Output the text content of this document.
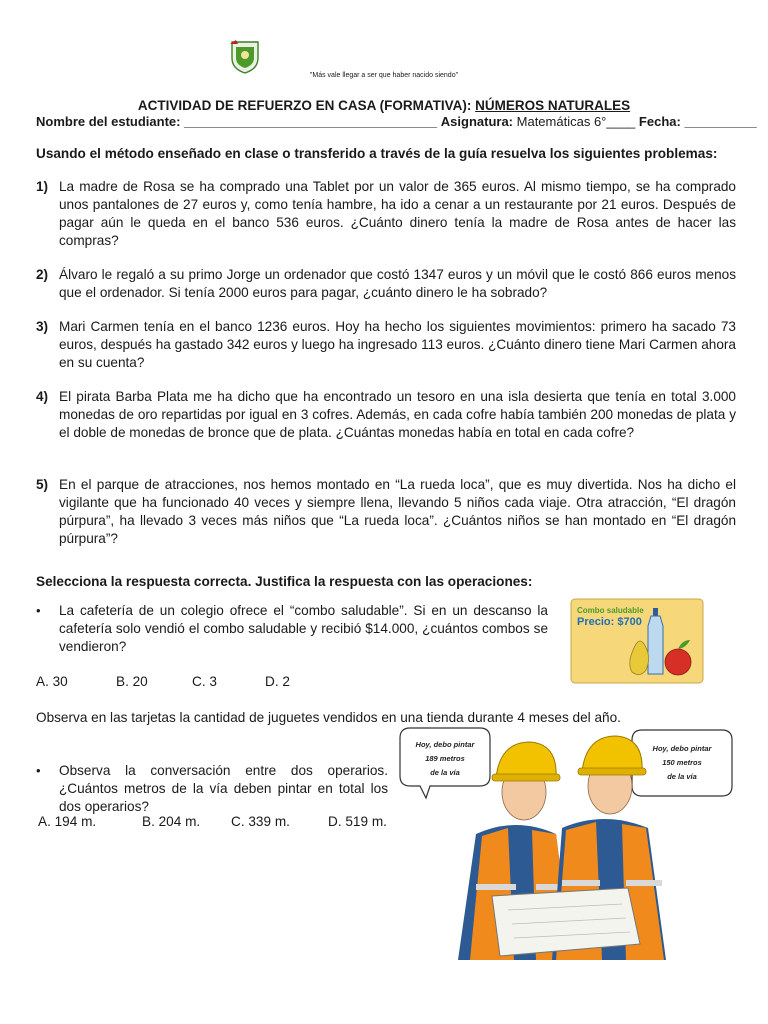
"Más vale llegar a ser que haber nacido siendo"
ACTIVIDAD DE REFUERZO EN CASA (FORMATIVA): NÚMEROS NATURALES
Nombre del estudiante: ___________________________________ Asignatura: Matemáticas 6°____ Fecha: __________
Usando el método enseñado en clase o transferido a través de la guía resuelva los siguientes problemas:
1) La madre de Rosa se ha comprado una Tablet por un valor de 365 euros. Al mismo tiempo, se ha comprado unos pantalones de 27 euros y, como tenía hambre, ha ido a cenar a un restaurante por 21 euros. Después de pagar aún le queda en el banco 536 euros. ¿Cuánto dinero tenía la madre de Rosa antes de hacer las compras?
2) Álvaro le regaló a su primo Jorge un ordenador que costó 1347 euros y un móvil que le costó 866 euros menos que el ordenador. Si tenía 2000 euros para pagar, ¿cuánto dinero le ha sobrado?
3) Mari Carmen tenía en el banco 1236 euros. Hoy ha hecho los siguientes movimientos: primero ha sacado 73 euros, después ha gastado 342 euros y luego ha ingresado 113 euros. ¿Cuánto dinero tiene Mari Carmen ahora en su cuenta?
4) El pirata Barba Plata me ha dicho que ha encontrado un tesoro en una isla desierta que tenía en total 3.000 monedas de oro repartidas por igual en 3 cofres. Además, en cada cofre había también 200 monedas de plata y el doble de monedas de bronce que de plata. ¿Cuántas monedas había en total en cada cofre?
5) En el parque de atracciones, nos hemos montado en “La rueda loca”, que es muy divertida. Nos ha dicho el vigilante que ha funcionado 40 veces y siempre llena, llevando 5 niños cada viaje. Otra atracción, “El dragón púrpura”, ha llevado 3 veces más niños que “La rueda loca”. ¿Cuántos niños se han montado en “El dragón púrpura”?
Selecciona la respuesta correcta. Justifica la respuesta con las operaciones:
• La cafetería de un colegio ofrece el “combo saludable”. Si en un descanso la cafetería solo vendió el combo saludable y recibió $14.000, ¿cuántos combos se vendieron?
Combo saludable
Precio: $700
A. 30	B. 20	C. 3	D. 2
Observa en las tarjetas la cantidad de juguetes vendidos en una tienda durante 4 meses del año.
• Observa la conversación entre dos operarios. ¿Cuántos metros de la vía deben pintar en total los dos operarios?
A. 194 m.	B. 204 m. C. 339 m.	D. 519 m.
Hoy, debo pintar
189 metros
de la vía
Hoy, debo pintar
150 metros
de la vía
